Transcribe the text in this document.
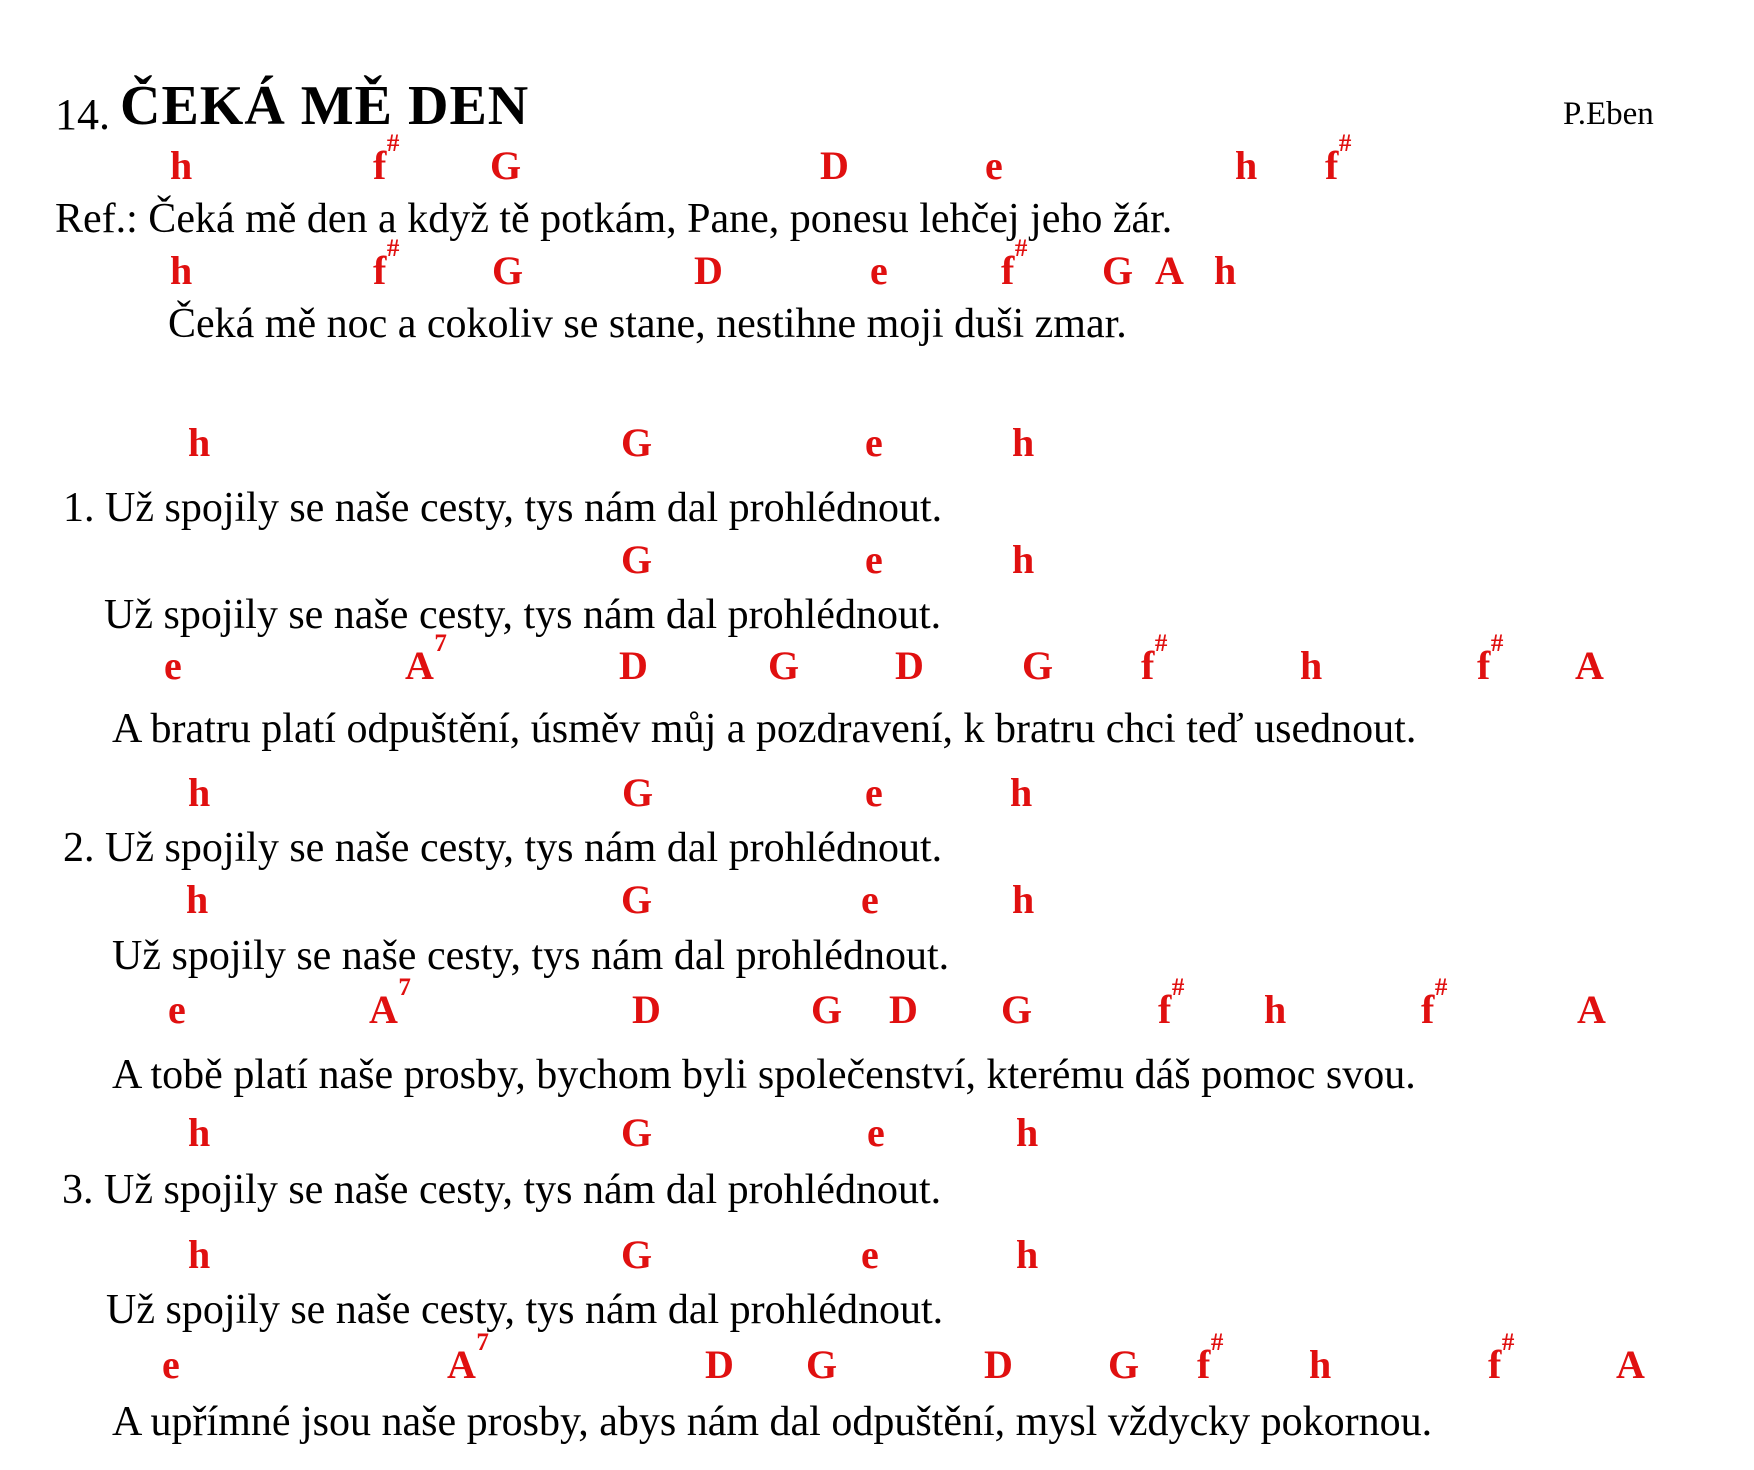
14. ČEKÁ MĚ DEN	P.Eben
h	f# G	D	e	h f#
Ref.: Čeká mě den a když tě potkám, Pane, ponesu lehčej jeho žár.
h	f# G	D	e	f# G A h
Čeká mě noc a cokoliv se stane, nestihne moji duši zmar.
h	G	e	h
1. Už spojily se naše cesty, tys nám dal prohlédnout.
G	e	h
Už spojily se naše cesty, tys nám dal prohlédnout.
e	$A^7$	D	G D G f#	h	f# A
A bratru platí odpuštění, úsměv můj a pozdravení, k bratru chci teď usednout.
h	G	e	h
2. Už spojily se naše cesty, tys nám dal prohlédnout.
h	G	e	h
Už spojily se naše cesty, tys nám dal prohlédnout.
e	$A^7$	D	G D G	f# h	f#	A
A tobě platí naše prosby, bychom byli společenství, kterému dáš pomoc svou.
h	G	e	h
3. Už spojily se naše cesty, tys nám dal prohlédnout.
h	G	e	h
Už spojily se naše cesty, tys nám dal prohlédnout.
e	$A^7$	D G	D G f# h	f#	A
A upřímné jsou naše prosby, abys nám dal odpuštění, mysl vždycky pokornou.
